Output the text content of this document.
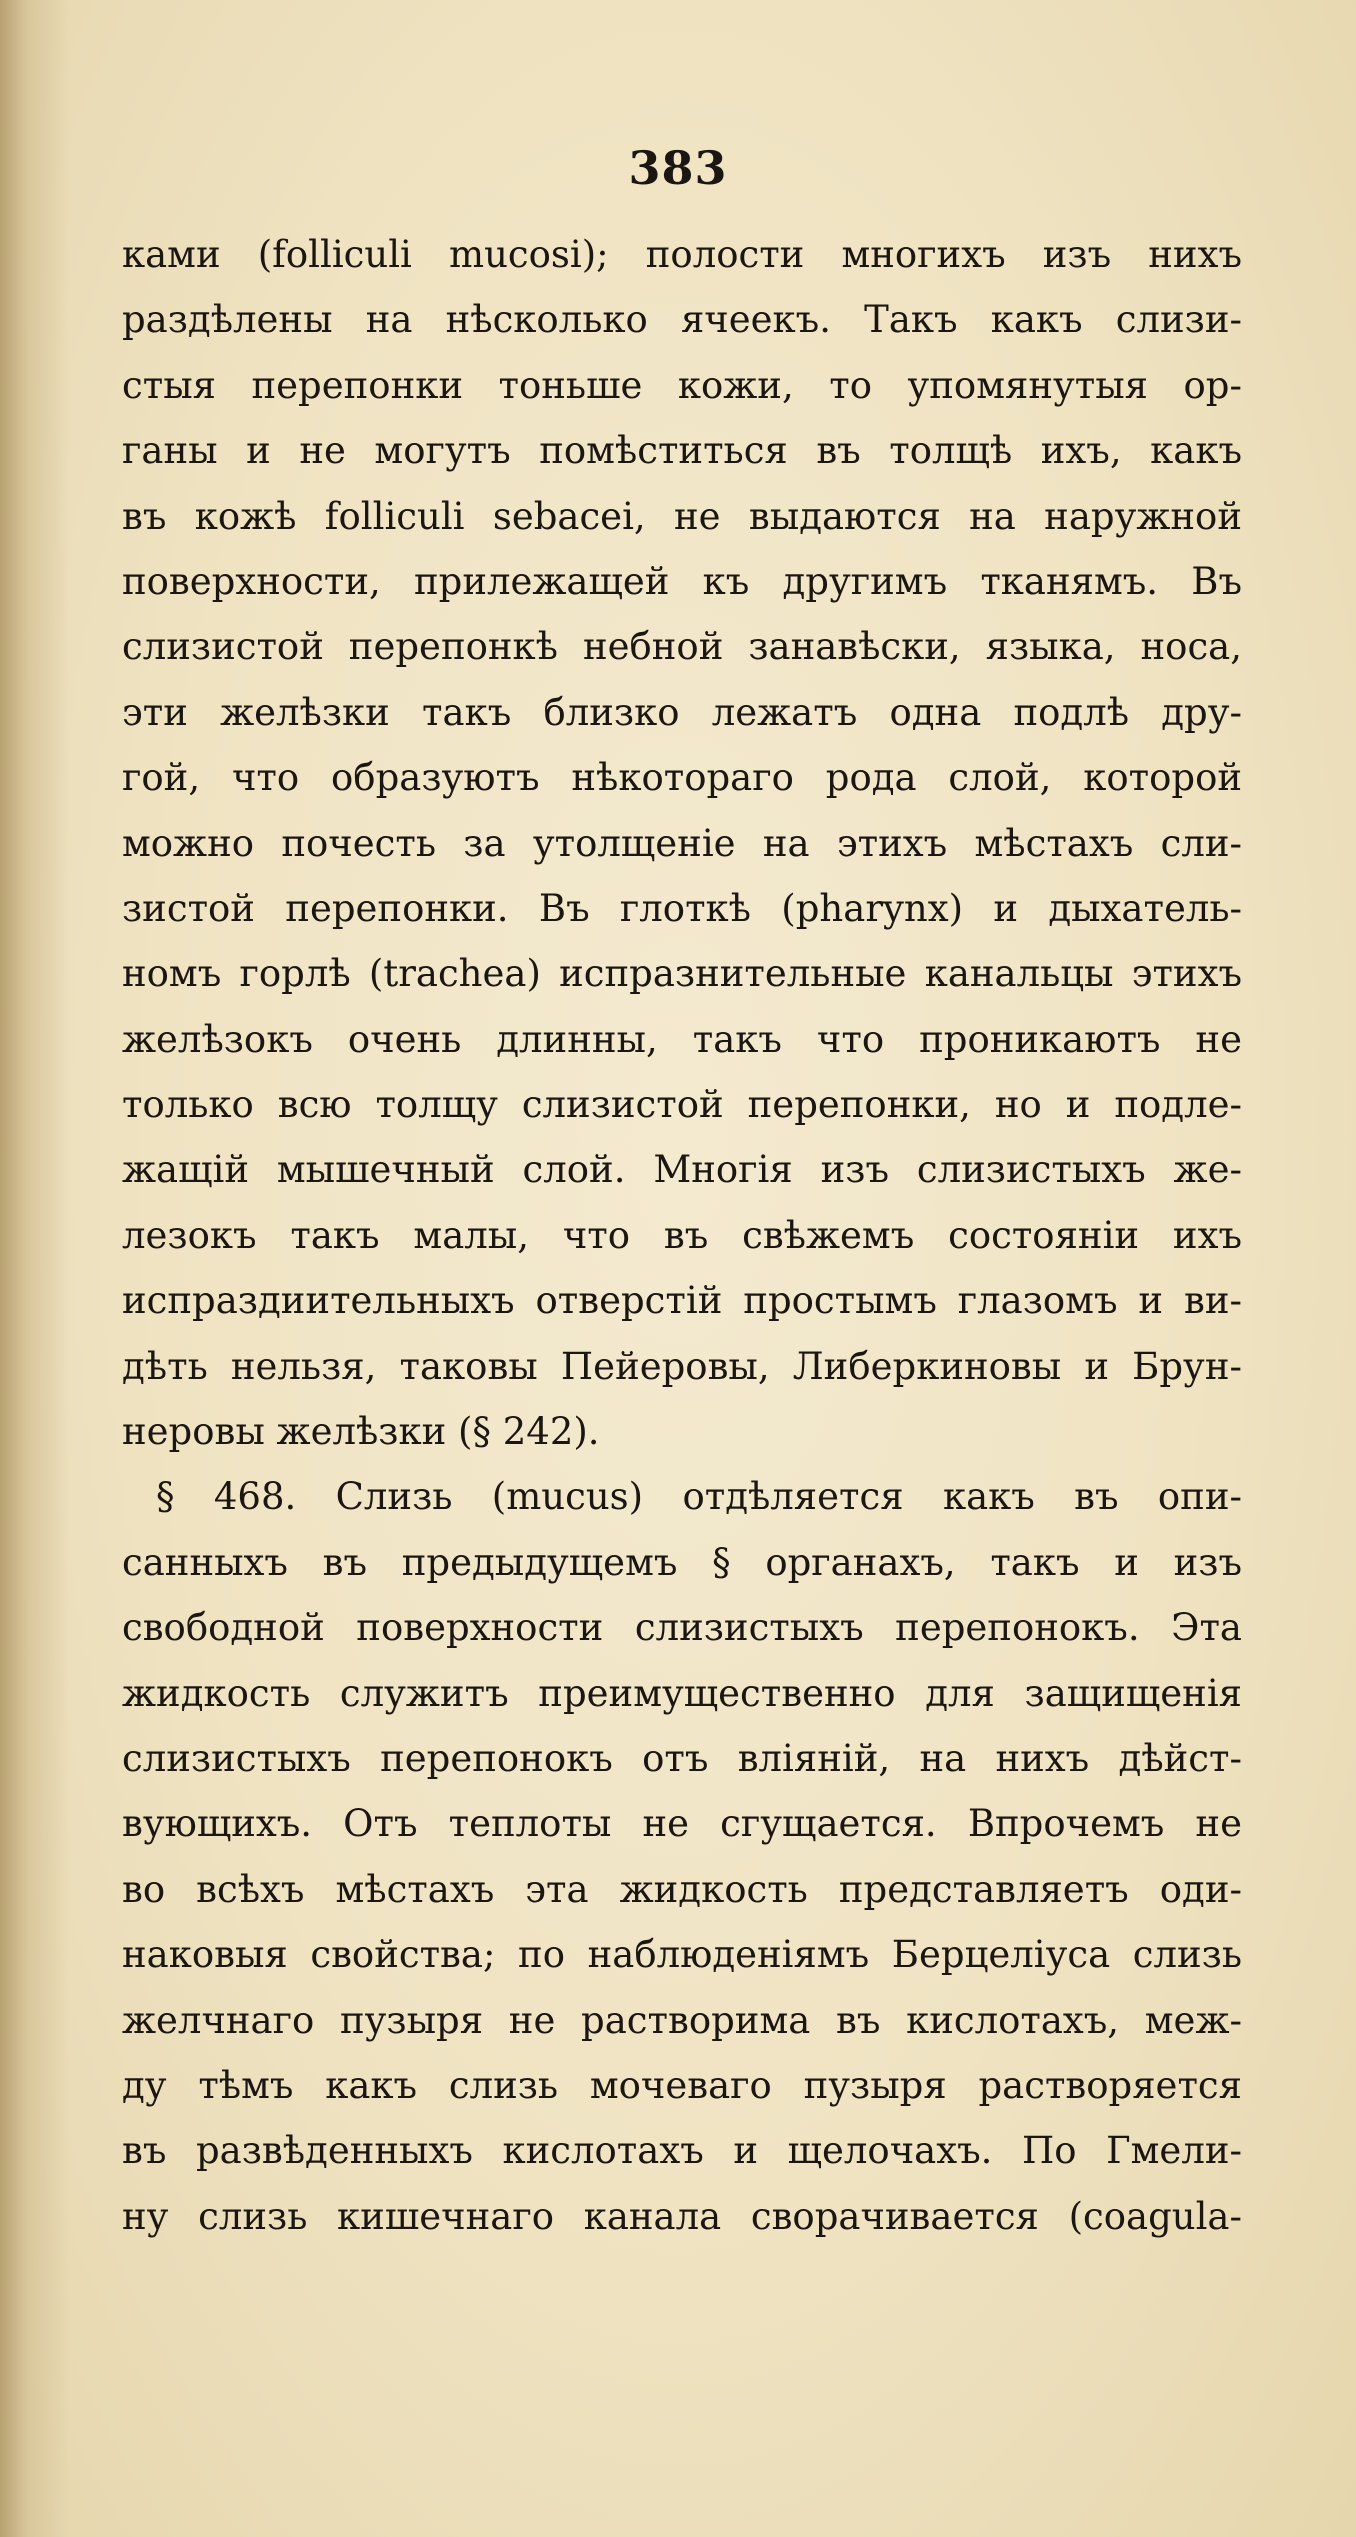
383
ками (folliculi mucosi); полости многихъ изъ нихъ
раздѣлены на нѣсколько ячеекъ. Такъ какъ слизи-
стыя перепонки тоньше кожи, то упомянутыя ор-
ганы и не могутъ помѣститься въ толщѣ ихъ, какъ
въ кожѣ folliculi sebacei, не выдаются на наружной
поверхности, прилежащей къ другимъ тканямъ. Въ
слизистой перепонкѣ небной занавѣски, языка, носа,
эти желѣзки такъ близко лежатъ одна подлѣ дру-
гой, что образуютъ нѣкотораго рода слой, которой
можно почесть за утолщенiе на этихъ мѣстахъ сли-
зистой перепонки. Въ глоткѣ (pharynx) и дыхатель-
номъ горлѣ (trachea) испразнительные канальцы этихъ
желѣзокъ очень длинны, такъ что проникаютъ не
только всю толщу слизистой перепонки, но и подле-
жащiй мышечный слой. Многiя изъ слизистыхъ же-
лезокъ такъ малы, что въ свѣжемъ состоянiи ихъ
испраздиительныхъ отверстiй простымъ глазомъ и ви-
дѣть нельзя, таковы Пейеровы, Либеркиновы и Брун-
неровы желѣзки (§ 242).
§ 468. Слизь (mucus) отдѣляется какъ въ опи-
санныхъ въ предыдущемъ § органахъ, такъ и изъ
свободной поверхности слизистыхъ перепонокъ. Эта
жидкость служитъ преимущественно для защищенiя
слизистыхъ перепонокъ отъ влiянiй, на нихъ дѣйст-
вующихъ. Отъ теплоты не сгущается. Впрочемъ не
во всѣхъ мѣстахъ эта жидкость представляетъ оди-
наковыя свойства; по наблюденiямъ Берцелiуса слизь
желчнаго пузыря не растворима въ кислотахъ, меж-
ду тѣмъ какъ слизь мочеваго пузыря растворяется
въ развѣденныхъ кислотахъ и щелочахъ. По Гмели-
ну слизь кишечнаго канала сворачивается (coagula-
